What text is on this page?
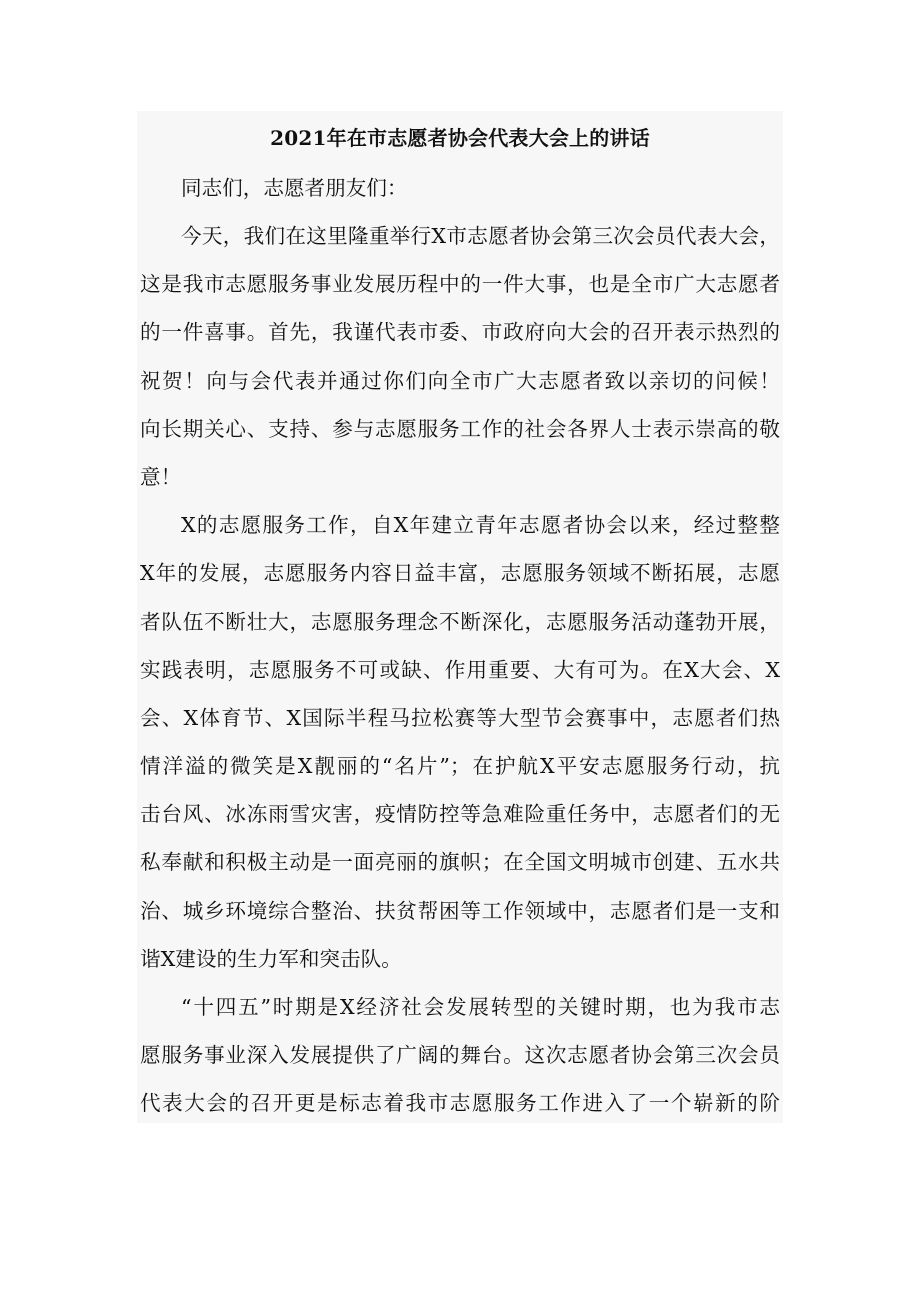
2021年在市志愿者协会代表大会上的讲话

同志们，志愿者朋友们：

今天，我们在这里隆重举行X市志愿者协会第三次会员代表大会，
这是我市志愿服务事业发展历程中的一件大事，也是全市广大志愿者
的一件喜事。首先，我谨代表市委、市政府向大会的召开表示热烈的
祝贺！向与会代表并通过你们向全市广大志愿者致以亲切的问候！
向长期关心、支持、参与志愿服务工作的社会各界人士表示崇高的敬
意！
X的志愿服务工作，自X年建立青年志愿者协会以来，经过整整
X年的发展，志愿服务内容日益丰富，志愿服务领域不断拓展，志愿
者队伍不断壮大，志愿服务理念不断深化，志愿服务活动蓬勃开展，
实践表明，志愿服务不可或缺、作用重要、大有可为。在X大会、X
会、X体育节、X国际半程马拉松赛等大型节会赛事中，志愿者们热
情洋溢的微笑是X靓丽的“名片”；在护航X平安志愿服务行动，抗
击台风、冰冻雨雪灾害，疫情防控等急难险重任务中，志愿者们的无
私奉献和积极主动是一面亮丽的旗帜；在全国文明城市创建、五水共
治、城乡环境综合整治、扶贫帮困等工作领域中，志愿者们是一支和
谐X建设的生力军和突击队。
“十四五”时期是X经济社会发展转型的关键时期，也为我市志
愿服务事业深入发展提供了广阔的舞台。这次志愿者协会第三次会员
代表大会的召开更是标志着我市志愿服务工作进入了一个崭新的阶
